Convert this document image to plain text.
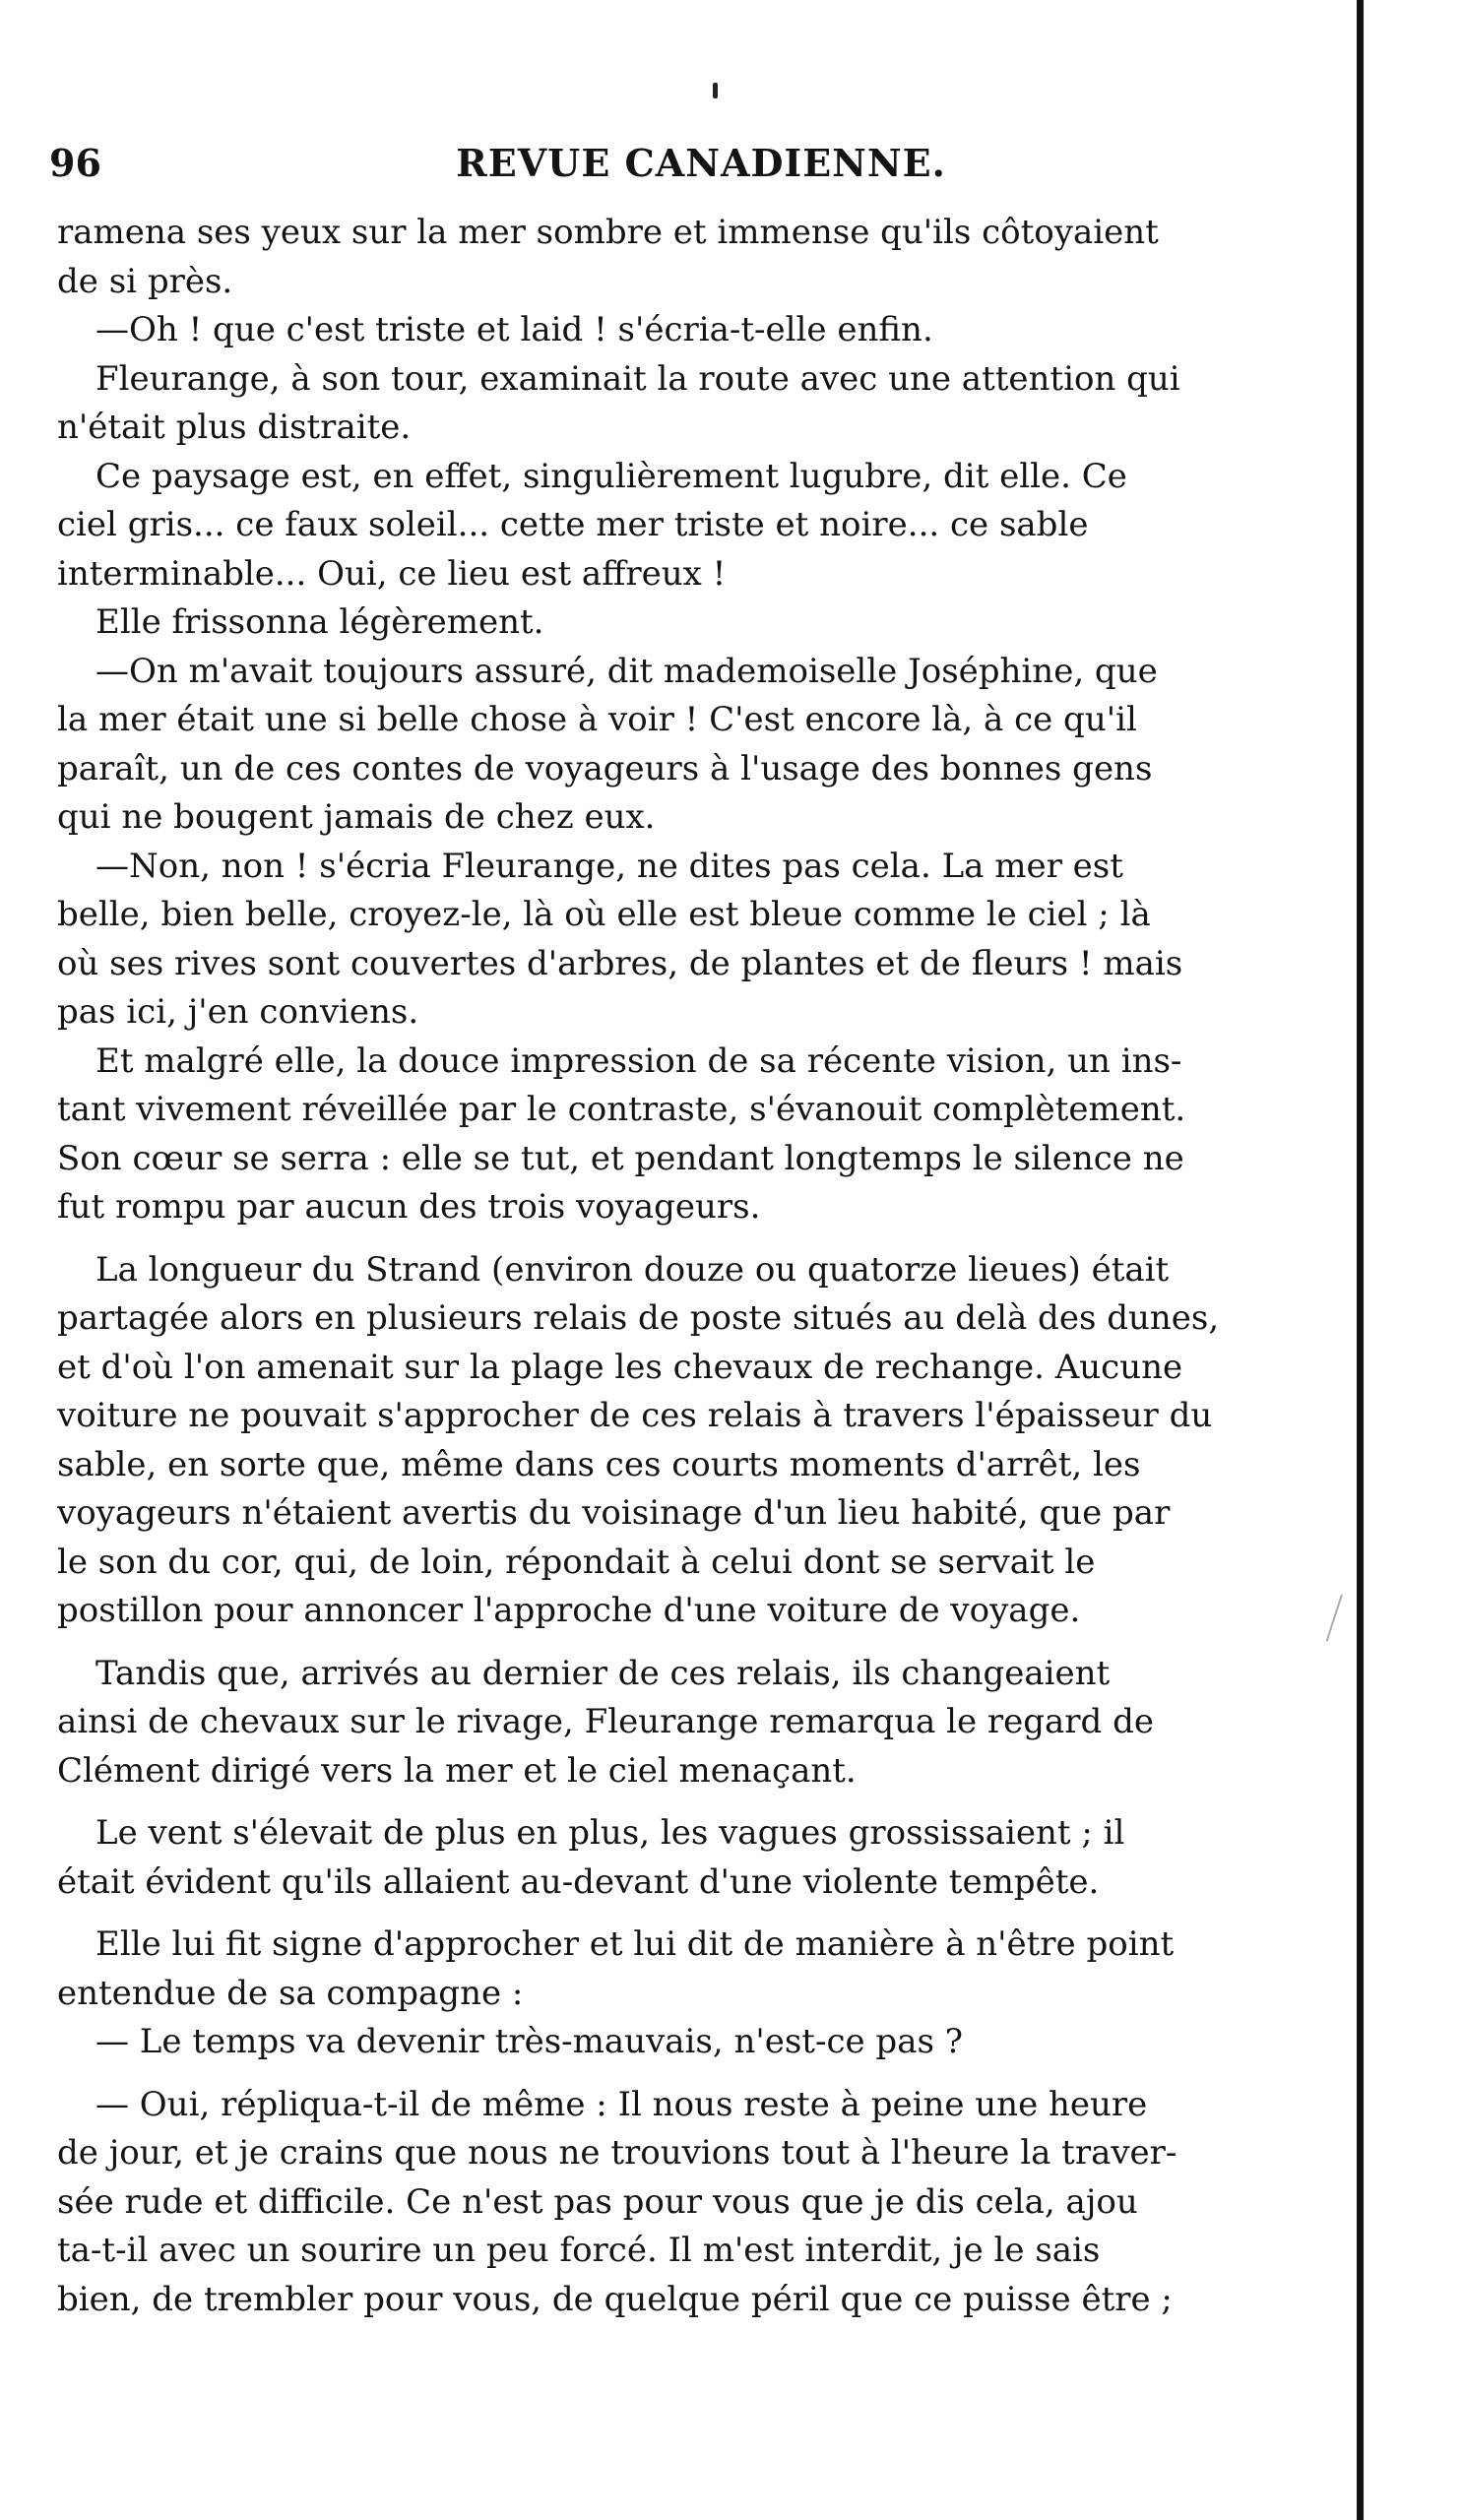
96	REVUE CANADIENNE.
ramena ses yeux sur la mer sombre et immense qu'ils côtoyaient
de si près.
—Oh ! que c'est triste et laid ! s'écria-t-elle enfin.
Fleurange, à son tour, examinait la route avec une attention qui
n'était plus distraite.
Ce paysage est, en effet, singulièrement lugubre, dit elle. Ce
ciel gris... ce faux soleil... cette mer triste et noire... ce sable
interminable... Oui, ce lieu est affreux !
Elle frissonna légèrement.
—On m'avait toujours assuré, dit mademoiselle Joséphine, que
la mer était une si belle chose à voir ! C'est encore là, à ce qu'il
paraît, un de ces contes de voyageurs à l'usage des bonnes gens
qui ne bougent jamais de chez eux.
—Non, non ! s'écria Fleurange, ne dites pas cela. La mer est
belle, bien belle, croyez-le, là où elle est bleue comme le ciel ; là
où ses rives sont couvertes d'arbres, de plantes et de fleurs ! mais
pas ici, j'en conviens.
Et malgré elle, la douce impression de sa récente vision, un ins-
tant vivement réveillée par le contraste, s'évanouit complètement.
Son cœur se serra : elle se tut, et pendant longtemps le silence ne
fut rompu par aucun des trois voyageurs.
La longueur du Strand (environ douze ou quatorze lieues) était
partagée alors en plusieurs relais de poste situés au delà des dunes,
et d'où l'on amenait sur la plage les chevaux de rechange. Aucune
voiture ne pouvait s'approcher de ces relais à travers l'épaisseur du
sable, en sorte que, même dans ces courts moments d'arrêt, les
voyageurs n'étaient avertis du voisinage d'un lieu habité, que par
le son du cor, qui, de loin, répondait à celui dont se servait le
postillon pour annoncer l'approche d'une voiture de voyage.
Tandis que, arrivés au dernier de ces relais, ils changeaient
ainsi de chevaux sur le rivage, Fleurange remarqua le regard de
Clément dirigé vers la mer et le ciel menaçant.
Le vent s'élevait de plus en plus, les vagues grossissaient ; il
était évident qu'ils allaient au-devant d'une violente tempête.
Elle lui fit signe d'approcher et lui dit de manière à n'être point
entendue de sa compagne :
— Le temps va devenir très-mauvais, n'est-ce pas ?
— Oui, répliqua-t-il de même : Il nous reste à peine une heure
de jour, et je crains que nous ne trouvions tout à l'heure la traver-
sée rude et difficile. Ce n'est pas pour vous que je dis cela, ajou
ta-t-il avec un sourire un peu forcé. Il m'est interdit, je le sais
bien, de trembler pour vous, de quelque péril que ce puisse être ;
